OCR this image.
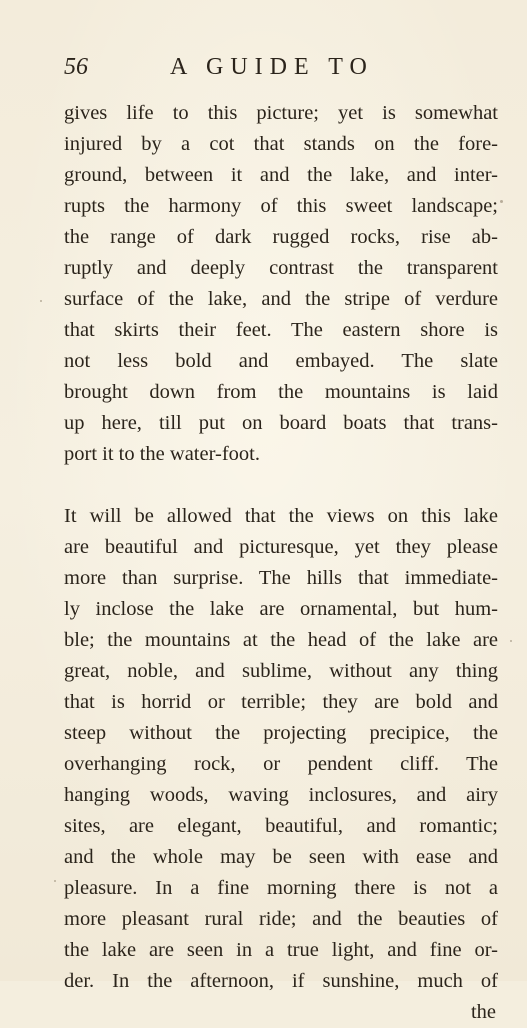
56	A GUIDE TO
gives life to this picture; yet is somewhat
injured by a cot that stands on the fore-
ground, between it and the lake, and inter-
rupts the harmony of this sweet landscape;
the range of dark rugged rocks, rise ab-
ruptly and deeply contrast the transparent
surface of the lake, and the stripe of verdure
that skirts their feet. The eastern shore is
not less bold and embayed. The slate
brought down from the mountains is laid
up here, till put on board boats that trans-
port it to the water-foot.
It will be allowed that the views on this lake
are beautiful and picturesque, yet they please
more than surprise. The hills that immediate-
ly inclose the lake are ornamental, but hum-
ble; the mountains at the head of the lake are
great, noble, and sublime, without any thing
that is horrid or terrible; they are bold and
steep without the projecting precipice, the
overhanging rock, or pendent cliff. The
hanging woods, waving inclosures, and airy
sites, are elegant, beautiful, and romantic;
and the whole may be seen with ease and
pleasure. In a fine morning there is not a
more pleasant rural ride; and the beauties of
the lake are seen in a true light, and fine or-
der. In the afternoon, if sunshine, much of
the
